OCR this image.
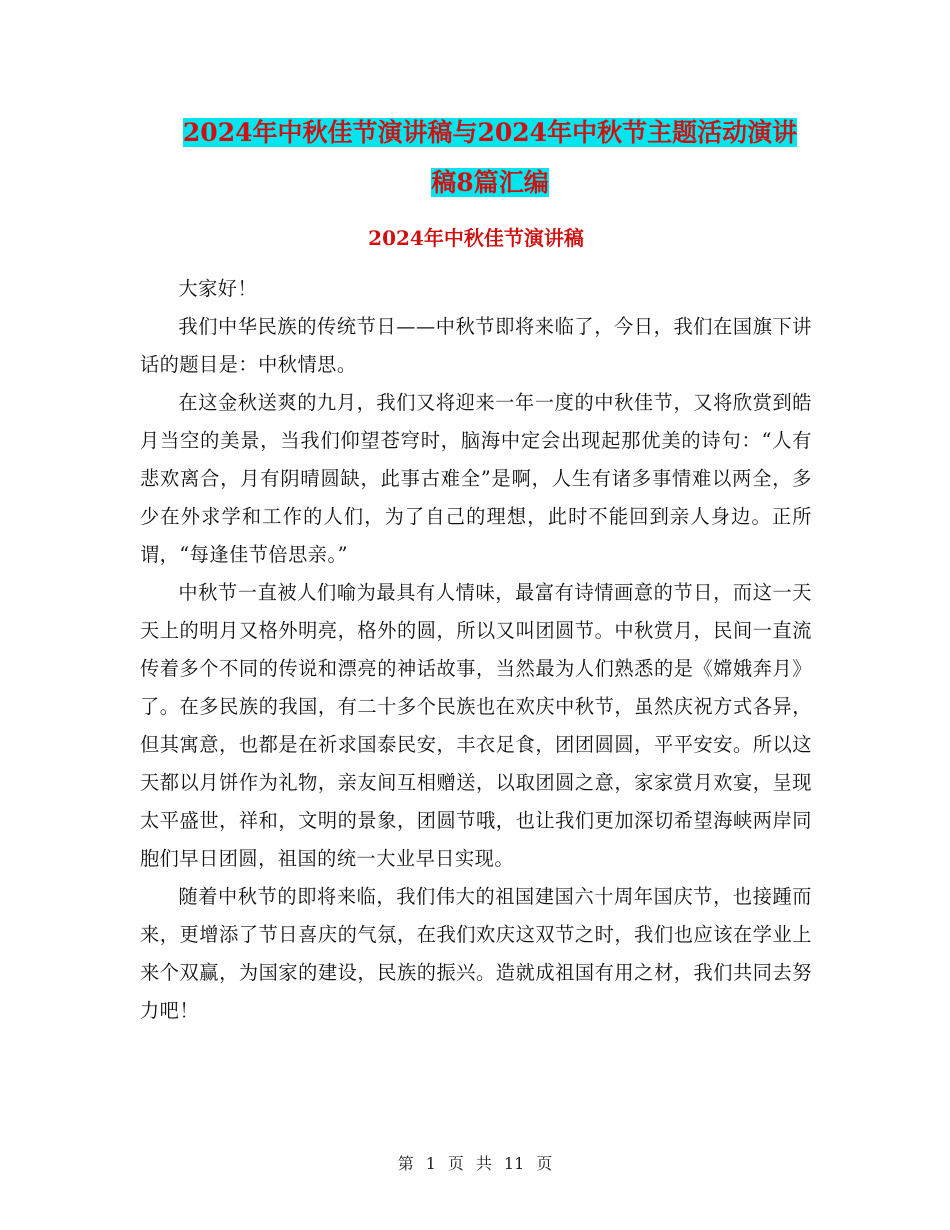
2024年中秋佳节演讲稿与2024年中秋节主题活动演讲
稿8篇汇编
2024年中秋佳节演讲稿

大家好！

我们中华民族的传统节日——中秋节即将来临了，今日，我们在国旗下讲话的题目是：中秋情思。

在这金秋送爽的九月，我们又将迎来一年一度的中秋佳节，又将欣赏到皓月当空的美景，当我们仰望苍穹时，脑海中定会出现起那优美的诗句：“人有悲欢离合，月有阴晴圆缺，此事古难全”是啊，人生有诸多事情难以两全，多少在外求学和工作的人们，为了自己的理想，此时不能回到亲人身边。正所谓，“每逢佳节倍思亲。”

中秋节一直被人们喻为最具有人情味，最富有诗情画意的节日，而这一天天上的明月又格外明亮，格外的圆，所以又叫团圆节。中秋赏月，民间一直流传着多个不同的传说和漂亮的神话故事，当然最为人们熟悉的是《嫦娥奔月》了。在多民族的我国，有二十多个民族也在欢庆中秋节，虽然庆祝方式各异，但其寓意，也都是在祈求国泰民安，丰衣足食，团团圆圆，平平安安。所以这天都以月饼作为礼物，亲友间互相赠送，以取团圆之意，家家赏月欢宴，呈现太平盛世，祥和，文明的景象，团圆节哦，也让我们更加深切希望海峡两岸同胞们早日团圆，祖国的统一大业早日实现。

随着中秋节的即将来临，我们伟大的祖国建国六十周年国庆节，也接踵而来，更增添了节日喜庆的气氛，在我们欢庆这双节之时，我们也应该在学业上来个双赢，为国家的建设，民族的振兴。造就成祖国有用之材，我们共同去努力吧！

第 1 页 共 11 页
